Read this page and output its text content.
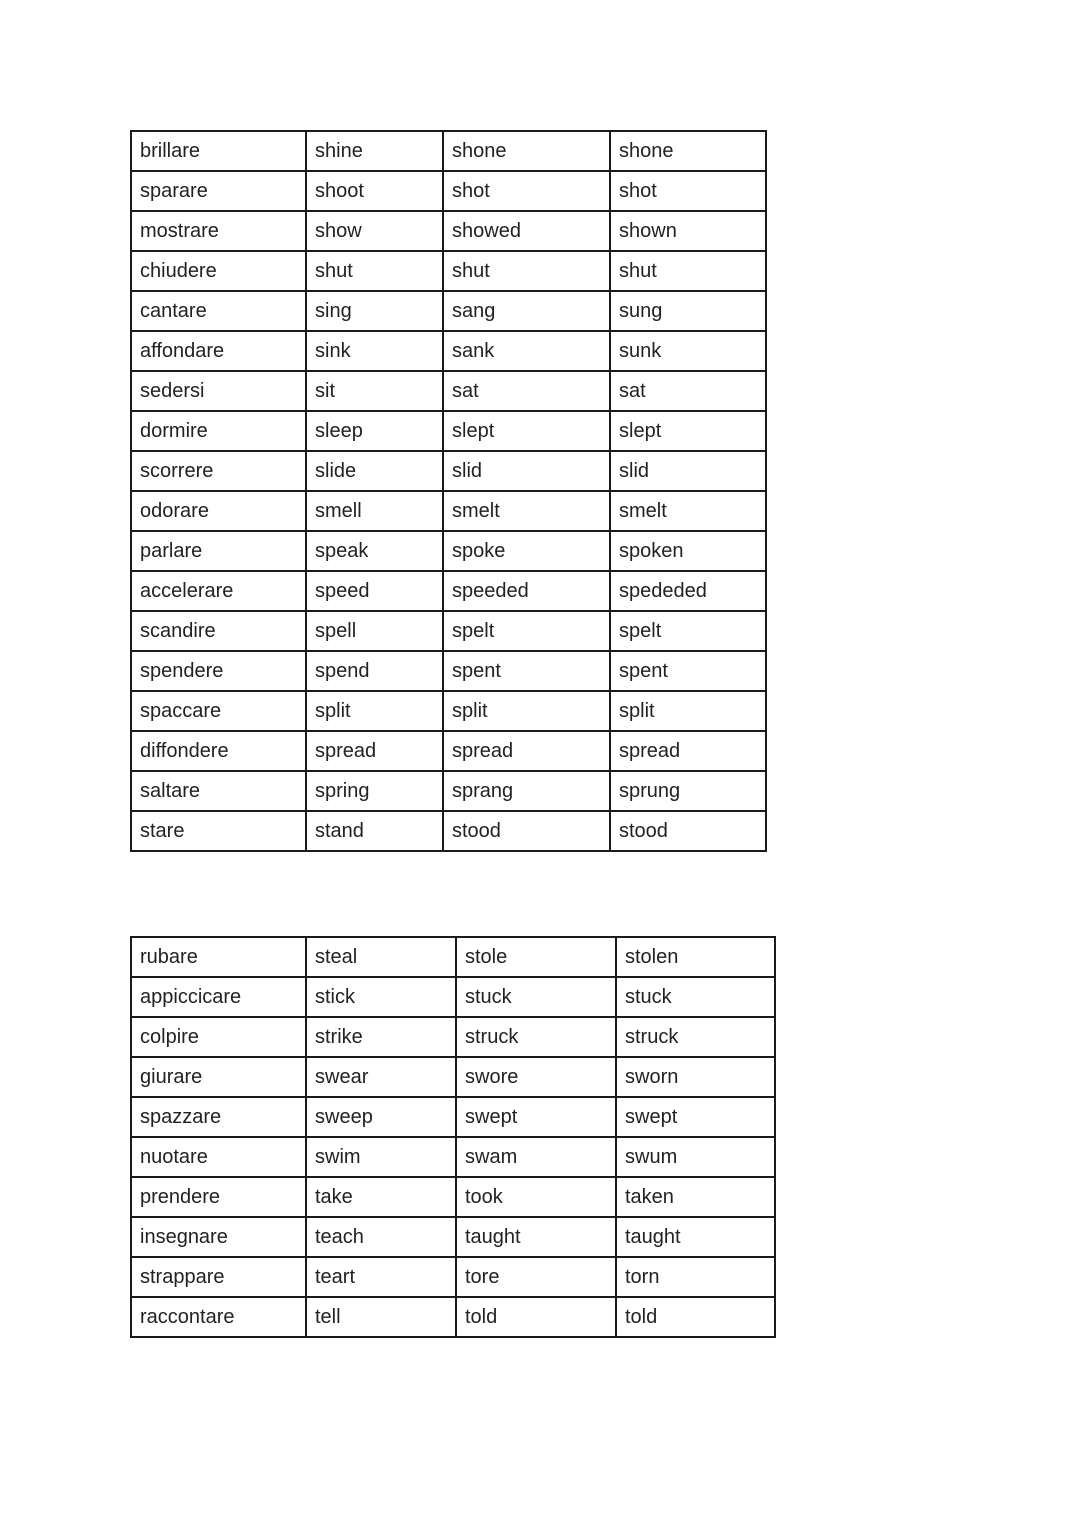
brillare	shine	shone	shone
sparare	shoot	shot	shot
mostrare	show	showed	shown
chiudere	shut	shut	shut
cantare	sing	sang	sung
affondare	sink	sank	sunk
sedersi	sit	sat	sat
dormire	sleep	slept	slept
scorrere	slide	slid	slid
odorare	smell	smelt	smelt
parlare	speak	spoke	spoken
accelerare	speed	speeded	spededed
scandire	spell	spelt	spelt
spendere	spend	spent	spent
spaccare	split	split	split
diffondere	spread	spread	spread
saltare	spring	sprang	sprung
stare	stand	stood	stood
rubare	steal	stole	stolen
appiccicare	stick	stuck	stuck
colpire	strike	struck	struck
giurare	swear	swore	sworn
spazzare	sweep	swept	swept
nuotare	swim	swam	swum
prendere	take	took	taken
insegnare	teach	taught	taught
strappare	teart	tore	torn
raccontare	tell	told	told
